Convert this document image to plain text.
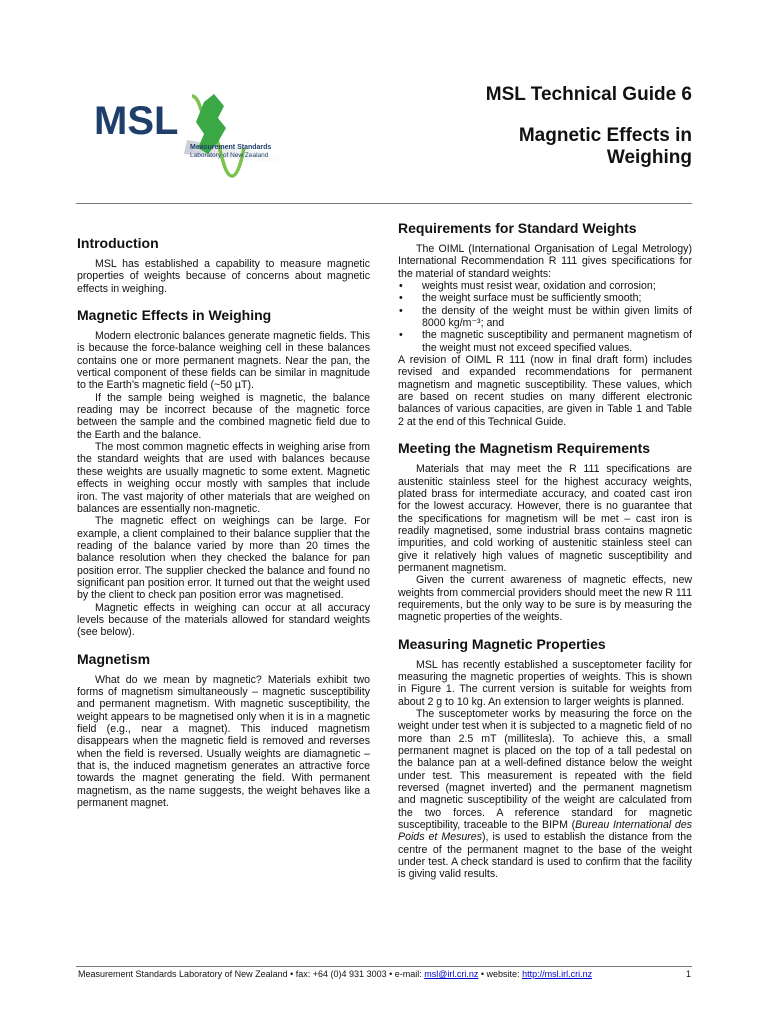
MSL
Measurement Standards
Laboratory of New Zealand
MSL Technical Guide 6
Magnetic Effects in
Weighing
Introduction

MSL has established a capability to measure magnetic properties of weights because of concerns about magnetic effects in weighing.

Magnetic Effects in Weighing

Modern electronic balances generate magnetic fields. This is because the force-balance weighing cell in these balances contains one or more permanent magnets. Near the pan, the vertical component of these fields can be similar in magnitude to the Earth’s magnetic field (~50 µT).

If the sample being weighed is magnetic, the balance reading may be incorrect because of the magnetic force between the sample and the combined magnetic field due to the Earth and the balance.

The most common magnetic effects in weighing arise from the standard weights that are used with balances because these weights are usually magnetic to some extent. Magnetic effects in weighing occur mostly with samples that include iron. The vast majority of other materials that are weighed on balances are essentially non-magnetic.

The magnetic effect on weighings can be large. For example, a client complained to their balance supplier that the reading of the balance varied by more than 20 times the balance resolution when they checked the balance for pan position error. The supplier checked the balance and found no significant pan position error. It turned out that the weight used by the client to check pan position error was magnetised.

Magnetic effects in weighing can occur at all accuracy levels because of the materials allowed for standard weights (see below).

Magnetism

What do we mean by magnetic? Materials exhibit two forms of magnetism simultaneously – magnetic susceptibility and permanent magnetism. With magnetic susceptibility, the weight appears to be magnetised only when it is in a magnetic field (e.g., near a magnet). This induced magnetism disappears when the magnetic field is removed and reverses when the field is reversed. Usually weights are diamagnetic – that is, the induced magnetism generates an attractive force towards the magnet generating the field. With permanent magnetism, as the name suggests, the weight behaves like a permanent magnet.

Requirements for Standard Weights

The OIML (International Organisation of Legal Metrology) International Recommendation R 111 gives specifications for the material of standard weights:

• weights must resist wear, oxidation and corrosion;
• the weight surface must be sufficiently smooth;
• the density of the weight must be within given limits of 8000 kg/m⁻³; and
• the magnetic susceptibility and permanent magnetism of the weight must not exceed specified values.

A revision of OIML R 111 (now in final draft form) includes revised and expanded recommendations for permanent magnetism and magnetic susceptibility. These values, which are based on recent studies on many different electronic balances of various capacities, are given in Table 1 and Table 2 at the end of this Technical Guide.

Meeting the Magnetism Requirements

Materials that may meet the R 111 specifications are austenitic stainless steel for the highest accuracy weights, plated brass for intermediate accuracy, and coated cast iron for the lowest accuracy. However, there is no guarantee that the specifications for magnetism will be met – cast iron is readily magnetised, some industrial brass contains magnetic impurities, and cold working of austenitic stainless steel can give it relatively high values of magnetic susceptibility and permanent magnetism.

Given the current awareness of magnetic effects, new weights from commercial providers should meet the new R 111 requirements, but the only way to be sure is by measuring the magnetic properties of the weights.

Measuring Magnetic Properties

MSL has recently established a susceptometer facility for measuring the magnetic properties of weights. This is shown in Figure 1. The current version is suitable for weights from about 2 g to 10 kg. An extension to larger weights is planned.

The susceptometer works by measuring the force on the weight under test when it is subjected to a magnetic field of no more than 2.5 mT (millitesla). To achieve this, a small permanent magnet is placed on the top of a tall pedestal on the balance pan at a well-defined distance below the weight under test. This measurement is repeated with the field reversed (magnet inverted) and the permanent magnetism and magnetic susceptibility of the weight are calculated from the two forces. A reference standard for magnetic susceptibility, traceable to the BIPM (Bureau International des Poids et Mesures), is used to establish the distance from the centre of the permanent magnet to the base of the weight under test. A check standard is used to confirm that the facility is giving valid results.

Measurement Standards Laboratory of New Zealand • fax: +64 (0)4 931 3003 • e-mail: msl@irl.cri.nz • website: http://msl.irl.cri.nz	1
